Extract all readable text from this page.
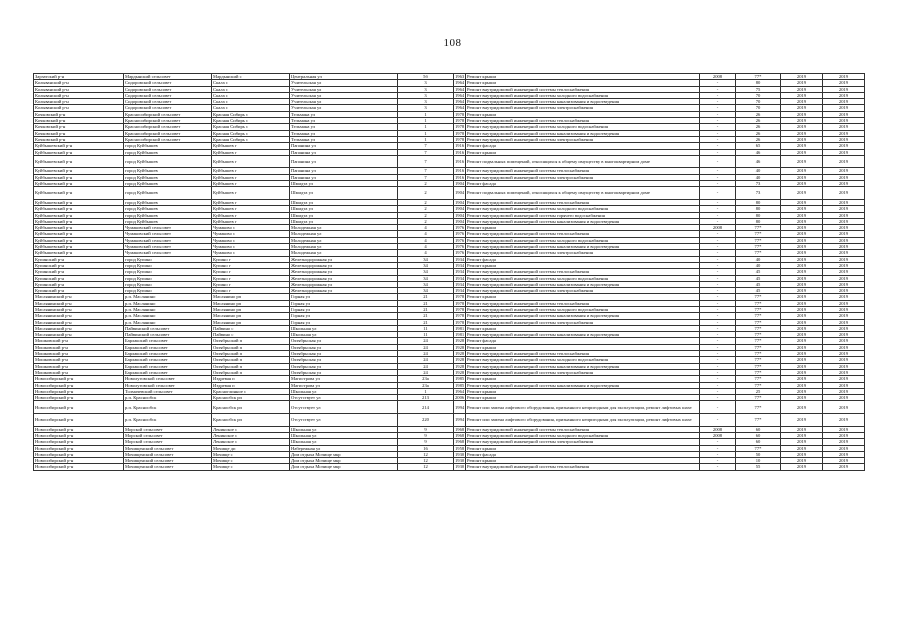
108
Зарзатский р-н	Мардынский сельсовет	Мардынский с	Центральная ул	5б	1963	Ремонт крыши	2008	77*	2019	2019
Колыванский р-н	Сидоровский сельсовет	Скала с	Учительская ул	3	1964	Ремонт крыши	-	80	2019	2019
Колыванский р-н	Сидоровский сельсовет	Скала с	Учительская ул	3	1964	Ремонт внутридомовой инженерной системы теплоснабжения	-	75	2019	2019
Колыванский р-н	Сидоровский сельсовет	Скала с	Учительская ул	3	1964	Ремонт внутридомовой инженерной системы холодного водоснабжения	-	70	2019	2019
Колыванский р-н	Сидоровский сельсовет	Скала с	Учительская ул	3	1964	Ремонт внутридомовой инженерной системы канализования и водоотведения	-	70	2019	2019
Колыванский р-н	Сидоровский сельсовет	Скала с	Учительская ул	3	1964	Ремонт внутридомовой инженерной системы электроснабжения	-	70	2019	2019
Кочковский р-н	Красносибирский сельсовет	Красная Сибирь с	Тельмана ул	1	1978	Ремонт крыши	-	26	2019	2019
Кочковский р-н	Красносибирский сельсовет	Красная Сибирь с	Тельмана ул	1	1978	Ремонт внутридомовой инженерной системы теплоснабжения	-	26	2019	2019
Кочковский р-н	Красносибирский сельсовет	Красная Сибирь с	Тельмана ул	1	1978	Ремонт внутридомовой инженерной системы холодного водоснабжения	-	26	2019	2019
Кочковский р-н	Красносибирский сельсовет	Красная Сибирь с	Тельмана ул	1	1978	Ремонт внутридомовой инженерной системы канализования и водоотведения	-	26	2019	2019
Кочковский р-н	Красносибирский сельсовет	Красная Сибирь с	Тельмана ул	1	1978	Ремонт внутридомовой инженерной системы электроснабжения	-	26	2019	2019
Куйбышевский р-н	город Куйбышев	Куйбышев г	Папанина ул	7	1916	Ремонт фасада	-	65	2019	2019
Куйбышевский р-н	город Куйбышев	Куйбышев г	Папанина ул	7	1916	Ремонт крыши	-	46	2019	2019
Куйбышевский р-н	город Куйбышев	Куйбышев г	Папанина ул	7	1916	Ремонт подвальных помещений, относящихся к общему имуществу в многоквартирном доме	-	46	2019	2019
Куйбышевский р-н	город Куйбышев	Куйбышев г	Папанина ул	7	1916	Ремонт внутридомовой инженерной системы теплоснабжения	-	40	2019	2019
Куйбышевский р-н	город Куйбышев	Куйбышев г	Папанина ул	7	1916	Ремонт внутридомовой инженерной системы электроснабжения	-	40	2019	2019
Куйбышевский р-н	город Куйбышев	Куйбышев г	Шмидта ул	2	1904	Ремонт фасада	-	73	2019	2019
Куйбышевский р-н	город Куйбышев	Куйбышев г	Шмидта ул	2	1904	Ремонт подвальных помещений, относящихся к общему имуществу в многоквартирном доме	-	73	2019	2019
Куйбышевский р-н	город Куйбышев	Куйбышев г	Шмидта ул	2	1904	Ремонт внутридомовой инженерной системы теплоснабжения	-	80	2019	2019
Куйбышевский р-н	город Куйбышев	Куйбышев г	Шмидта ул	2	1904	Ремонт внутридомовой инженерной системы холодного водоснабжения	-	80	2019	2019
Куйбышевский р-н	город Куйбышев	Куйбышев г	Шмидта ул	2	1904	Ремонт внутридомовой инженерной системы горячего водоснабжения	-	80	2019	2019
Куйбышевский р-н	город Куйбышев	Куйбышев г	Шмидта ул	2	1904	Ремонт внутридомовой инженерной системы канализования и водоотведения	-	80	2019	2019
Куйбышевский р-н	Чумаковский сельсовет	Чумаково с	Молодежная ул	4	1976	Ремонт крыши	2008	77*	2019	2019
Куйбышевский р-н	Чумаковский сельсовет	Чумаково с	Молодежная ул	4	1976	Ремонт внутридомовой инженерной системы теплоснабжения	-	77*	2019	2019
Куйбышевский р-н	Чумаковский сельсовет	Чумаково с	Молодежная ул	4	1976	Ремонт внутридомовой инженерной системы холодного водоснабжения	-	77*	2019	2019
Куйбышевский р-н	Чумаковский сельсовет	Чумаково с	Молодежная ул	4	1976	Ремонт внутридомовой инженерной системы канализования и водоотведения	-	77*	2019	2019
Куйбышевский р-н	Чумаковский сельсовет	Чумаково с	Молодежная ул	4	1976	Ремонт внутридомовой инженерной системы электроснабжения	-	77*	2019	2019
Купинский р-н	город Купино	Купино г	Железнодорожная ул	34	1934	Ремонт фасада	-	40	2019	2019
Купинский р-н	город Купино	Купино г	Железнодорожная ул	34	1934	Ремонт крыши	-	40	2019	2019
Купинский р-н	город Купино	Купино г	Железнодорожная ул	34	1934	Ремонт внутридомовой инженерной системы теплоснабжения	-	45	2019	2019
Купинский р-н	город Купино	Купино г	Железнодорожная ул	34	1934	Ремонт внутридомовой инженерной системы холодного водоснабжения	-	45	2019	2019
Купинский р-н	город Купино	Купино г	Железнодорожная ул	34	1934	Ремонт внутридомовой инженерной системы канализования и водоотведения	-	45	2019	2019
Купинский р-н	город Купино	Купино г	Железнодорожная ул	34	1934	Ремонт внутридомовой инженерной системы электроснабжения	-	45	2019	2019
Маслянинский р-н	р.п. Маслянино	Маслянино рп	Горная ул	21	1978	Ремонт крыши	-	77*	2019	2019
Маслянинский р-н	р.п. Маслянино	Маслянино рп	Горная ул	21	1978	Ремонт внутридомовой инженерной системы теплоснабжения	-	77*	2019	2019
Маслянинский р-н	р.п. Маслянино	Маслянино рп	Горная ул	21	1978	Ремонт внутридомовой инженерной системы холодного водоснабжения	-	77*	2019	2019
Маслянинский р-н	р.п. Маслянино	Маслянино рп	Горная ул	21	1978	Ремонт внутридомовой инженерной системы канализования и водоотведения	-	77*	2019	2019
Маслянинский р-н	р.п. Маслянино	Маслянино рп	Горная ул	21	1978	Ремонт внутридомовой инженерной системы электроснабжения	-	77*	2019	2019
Маслянинский р-н	Пайвинский сельсовет	Пайвино с	Школьная ул	11	1981	Ремонт крыши	-	77*	2019	2019
Маслянинский р-н	Пайвинский сельсовет	Пайвино с	Школьная ул	11	1981	Ремонт внутридомовой инженерной системы канализования и водоотведения	-	77*	2019	2019
Мошковский р-н	Барлакский сельсовет	Октябрьский п	Октябрьская ул	24	1928	Ремонт фасада	-	77*	2019	2019
Мошковский р-н	Барлакский сельсовет	Октябрьский п	Октябрьская ул	24	1928	Ремонт крыши	-	77*	2019	2019
Мошковский р-н	Барлакский сельсовет	Октябрьский п	Октябрьская ул	24	1928	Ремонт внутридомовой инженерной системы теплоснабжения	-	77*	2019	2019
Мошковский р-н	Барлакский сельсовет	Октябрьский п	Октябрьская ул	24	1928	Ремонт внутридомовой инженерной системы холодного водоснабжения	-	77*	2019	2019
Мошковский р-н	Барлакский сельсовет	Октябрьский п	Октябрьская ул	24	1928	Ремонт внутридомовой инженерной системы канализования и водоотведения	-	77*	2019	2019
Мошковский р-н	Барлакский сельсовет	Октябрьский п	Октябрьская ул	24	1928	Ремонт внутридомовой инженерной системы электроснабжения	-	77*	2019	2019
Новосибирский р-н	Новолуговской сельсовет	Издревая п	Магистрова ул	23а	1985	Ремонт крыши	-	77*	2019	2019
Новосибирский р-н	Новолуговской сельсовет	Издревая п	Магистрова ул	23а	1985	Ремонт внутридомовой инженерной системы канализования и водоотведения	-	77*	2019	2019
Новосибирский р-н	Толмачевский сельсовет	Красноглинное с	Школьная ул	1	1964	Ремонт крыши	-	25	2019	2019
Новосибирский р-н	р.п. Краснообск	Краснообск рп	Отсутствует ул	213	2006	Ремонт крыши	-	77*	2019	2019
Новосибирский р-н	р.п. Краснообск	Краснообск рп	Отсутствует ул	214	1994	Ремонт или замена лифтового оборудования, признанного непригодным для эксплуатации, ремонт лифтовых шахт	-	77*	2019	2019
Новосибирский р-н	р.п. Краснообск	Краснообск рп	Отсутствует ул	220	1994	Ремонт или замена лифтового оборудования, признанного непригодным для эксплуатации, ремонт лифтовых шахт	-	77*	2019	2019
Новосибирский р-н	Морской сельсовет	Ленинское с	Школьная ул	9	1968	Ремонт внутридомовой инженерной системы теплоснабжения	2008	60	2019	2019
Новосибирский р-н	Морской сельсовет	Ленинское с	Школьная ул	9	1968	Ремонт внутридомовой инженерной системы холодного водоснабжения	2008	60	2019	2019
Новосибирский р-н	Морской сельсовет	Ленинское с	Школьная ул	9	1968	Ремонт внутридомовой инженерной системы электроснабжения	-	60	2019	2019
Новосибирский р-н	Мочищенский сельсовет	Мочище дп	Набережная ул	16	1958	Ремонт крыши	-	77*	2019	2019
Новосибирский р-н	Мочищенский сельсовет	Мочище с	Дом отдыха Мочище мкр	12	1930	Ремонт фасада	-	50	2019	2019
Новосибирский р-н	Мочищенский сельсовет	Мочище с	Дом отдыха Мочище мкр	12	1930	Ремонт крыши	-	10	2019	2019
Новосибирский р-н	Мочищенский сельсовет	Мочище с	Дом отдыха Мочище мкр	12	1930	Ремонт внутридомовой инженерной системы теплоснабжения	-	55	2019	2019
